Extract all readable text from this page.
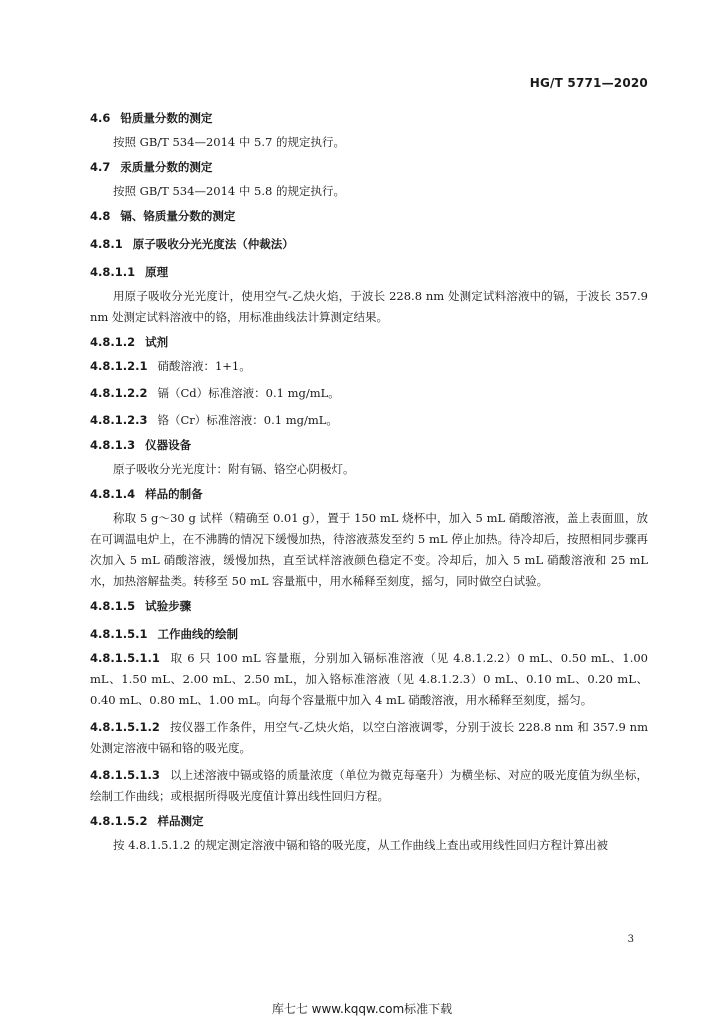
HG/T 5771—2020
4.6 铅质量分数的测定

按照 GB/T 534—2014 中 5.7 的规定执行。

4.7 汞质量分数的测定

按照 GB/T 534—2014 中 5.8 的规定执行。

4.8 镉、铬质量分数的测定
4.8.1 原子吸收分光光度法（仲裁法）
4.8.1.1 原理

用原子吸收分光光度计，使用空气-乙炔火焰，于波长 228.8 nm 处测定试料溶液中的镉，于波长 357.9 nm 处测定试料溶液中的铬，用标准曲线法计算测定结果。

4.8.1.2 试剂

4.8.1.2.1 硝酸溶液：1+1。

4.8.1.2.2 镉（Cd）标准溶液：0.1 mg/mL。

4.8.1.2.3 铬（Cr）标准溶液：0.1 mg/mL。

4.8.1.3 仪器设备

原子吸收分光光度计：附有镉、铬空心阴极灯。

4.8.1.4 样品的制备

称取 5 g～30 g 试样（精确至 0.01 g），置于 150 mL 烧杯中，加入 5 mL 硝酸溶液，盖上表面皿，放在可调温电炉上，在不沸腾的情况下缓慢加热，待溶液蒸发至约 5 mL 停止加热。待冷却后，按照相同步骤再次加入 5 mL 硝酸溶液，缓慢加热，直至试样溶液颜色稳定不变。冷却后，加入 5 mL 硝酸溶液和 25 mL 水，加热溶解盐类。转移至 50 mL 容量瓶中，用水稀释至刻度，摇匀，同时做空白试验。

4.8.1.5 试验步骤
4.8.1.5.1 工作曲线的绘制

4.8.1.5.1.1 取 6 只 100 mL 容量瓶，分别加入镉标准溶液（见 4.8.1.2.2）0 mL、0.50 mL、1.00 mL、1.50 mL、2.00 mL、2.50 mL，加入铬标准溶液（见 4.8.1.2.3）0 mL、0.10 mL、0.20 mL、0.40 mL、0.80 mL、1.00 mL。向每个容量瓶中加入 4 mL 硝酸溶液，用水稀释至刻度，摇匀。

4.8.1.5.1.2 按仪器工作条件，用空气-乙炔火焰，以空白溶液调零，分别于波长 228.8 nm 和 357.9 nm 处测定溶液中镉和铬的吸光度。

4.8.1.5.1.3 以上述溶液中镉或铬的质量浓度（单位为微克每毫升）为横坐标、对应的吸光度值为纵坐标，绘制工作曲线；或根据所得吸光度值计算出线性回归方程。

4.8.1.5.2 样品测定

按 4.8.1.5.1.2 的规定测定溶液中镉和铬的吸光度，从工作曲线上查出或用线性回归方程计算出被

3
库七七 www.kqqw.com标准下载
